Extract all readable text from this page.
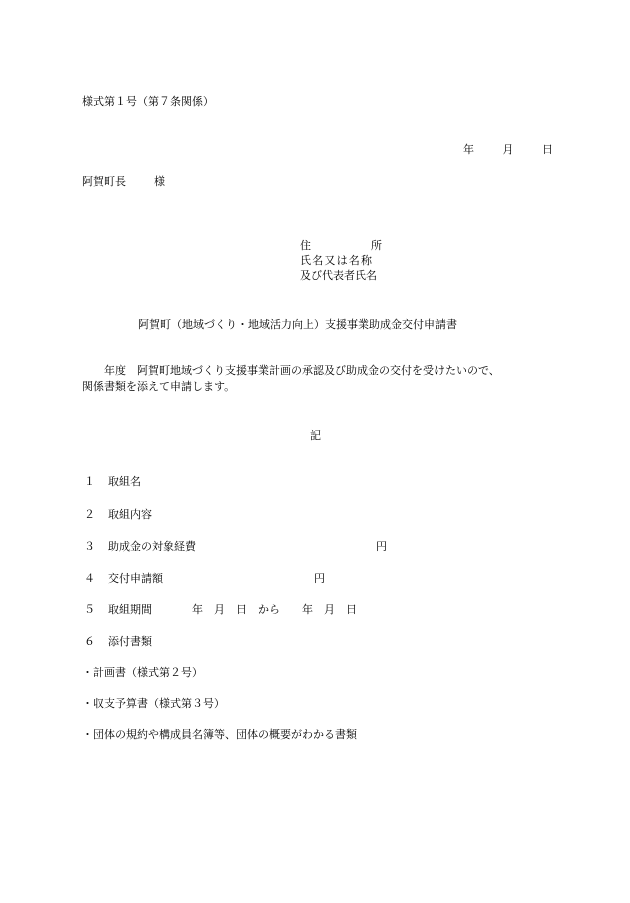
様式第１号（第７条関係）
年	月	日
阿賀町長	様
住	所
氏名又は名称
及び代表者氏名
阿賀町（地域づくり・地域活力向上）支援事業助成金交付申請書
　　年度　阿賀町地域づくり支援事業計画の承認及び助成金の交付を受けたいので、
関係書類を添えて申請します。
記
１ 取組名
２ 取組内容
３ 助成金の対象経費	円
４ 交付申請額	円
５ 取組期間	年　月　日　から　　年　月　日
６ 添付書類
・計画書（様式第２号）
・収支予算書（様式第３号）
・団体の規約や構成員名簿等、団体の概要がわかる書類
